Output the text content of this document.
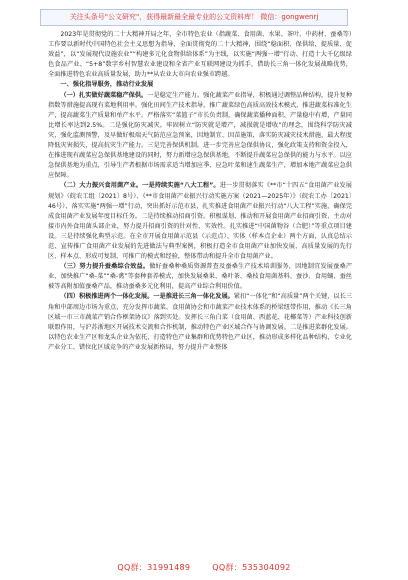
关注头条号"公文研究"，获得最新最全最专业的公文资料库！ 微信：gongwenrj

2023年是贯彻党的二十大精神开局之年，全市特色农业（指蔬菜、食用菌、水果、茶叶、中药材、蚕桑等）工作要以新时代中国特色社会主义思想为指导，全面贯彻党的二十大精神，围绕“稳面积、保供给，提质量、促效益”，以“发展现代设施农业”“构建多元化食物供给体系”为主线，以实施“两强一增”行动、打造十大千亿级绿色食品产业、“5+8”数字乡村智慧农业建设和全省产业互联网建设为抓手，借助长三角一体化发展战略优势，全面推进特色农业高质量发展，助力**从农业大市向农业强市跨越。

一、强化指导服务，推动行业发展

（一）扎实做好蔬菜稳产保供。一是稳定生产能力。强化蔬菜产业指导，积极通过调整品种结构，提升复种指数等措施提高现有菜地利用率。强化田间生产技术指导，推广蔬菜绿色高质高效技术模式，推进蔬菜标准化生产，提高蔬菜生产质量和单产水平。严格落实“菜篮子”市长负责制，确保蔬菜播种面积、产量稳中有增，产量同比增长率达到2.5%。二是强化防灾减灾。牢固树立“防灾就是增产，减损就是增收”的理念，围绕科学防灾减灾，强化监测预警，及早做好极端天气防范应急预案，因地制宜、因苗施策，落实防灾减灾技术措施，最大程度降低灾害损失，提高抗灾生产能力。三是完善保供机制。进一步完善应急保供协议，强化政策支持和资金投入，在推进现有蔬菜应急保供基地建设的同时，努力新增应急保供基地，不断提升蔬菜应急保供的能力与水平。以应急保供基地为重点，引导生产者根据市场需求适当增加应季、应急叶菜和速生蔬菜生产，增加本地产蔬菜应急供应保障。

（二）大力振兴食用菌产业。一是持续实施“八大工程”。进一步贯彻落实《**市“十四五”食用菌产业发展规划》（皖农工组〔2021〕8号）、《**市食用菌产业振兴行动实施方案（2021—2025年）》（皖农工办〔2021〕46号），落实实施“两强一增”行动，突出抓好示范市县，扎实推进食用菌产业振兴行动“八大工程”实施，确保完成食用菌产业发展年度目标任务。二是持续推动招商引资。积极谋划、推动和开展食用菌产业招商引资，主动对接市内外食用菌头部企业，努力提升招商引资的针对性、实效性。扎实推进“中国菌物谷（合肥）”等重点项目建设。三是持续强化典型示范。在全市开展食用菌示范县（示范点）、实体（样本点企业）两个方面，认真总结示范、宣传推广食用菌产业发展的先进做法与典型案例，积极打造全市食用菌产业加快发展、高质量发展的先行区、样本点、形成可复制、可推广的模式和经验，整体带动和提升全市食用菌产业。

（三）努力提升蚕桑综合效益。做好蚕桑种桑质资源普查及蚕桑生产技术培训服务，因地制宜发展蚕桑产业，加快推广“桑-菜”“桑-禽”等套种套养模式，加快发展桑果、桑叶茶、桑枝食用菌基料、蚕沙、食用蛹、蚕丝被等高附加值蚕桑产品，推动蚕桑多元化利用，提高产业综合利用价值。

（四）积极推进两个一体化发展。一是推进长三角一体化发展。紧扣“一体化”和“高质量”两个关键，以长三角和中部周边市场为重点，充分发挥市蔬菜、食用菌协会和市蔬菜产业技术体系的桥梁纽带作用，推动《长三角区域一市三市蔬菜产销合作框架协议》落到实处。发挥长三角白菜（食用菌、西蓝花、花椰菜等）产业科技创新联盟作用，与沪苏浙地区开展技术交流和合作机制，推动特色产业区域合作与协调发展。二是推进菜群化发展。以特色农业生产区和龙头企业为依托，打造特色产业集群和优势特色产业区，推动形成多样化品种结构、专业化产业分工、错位化区域竞争的产业发展新格局，努力提升产业整体

QQ群：31991489	QQ群：535304092
